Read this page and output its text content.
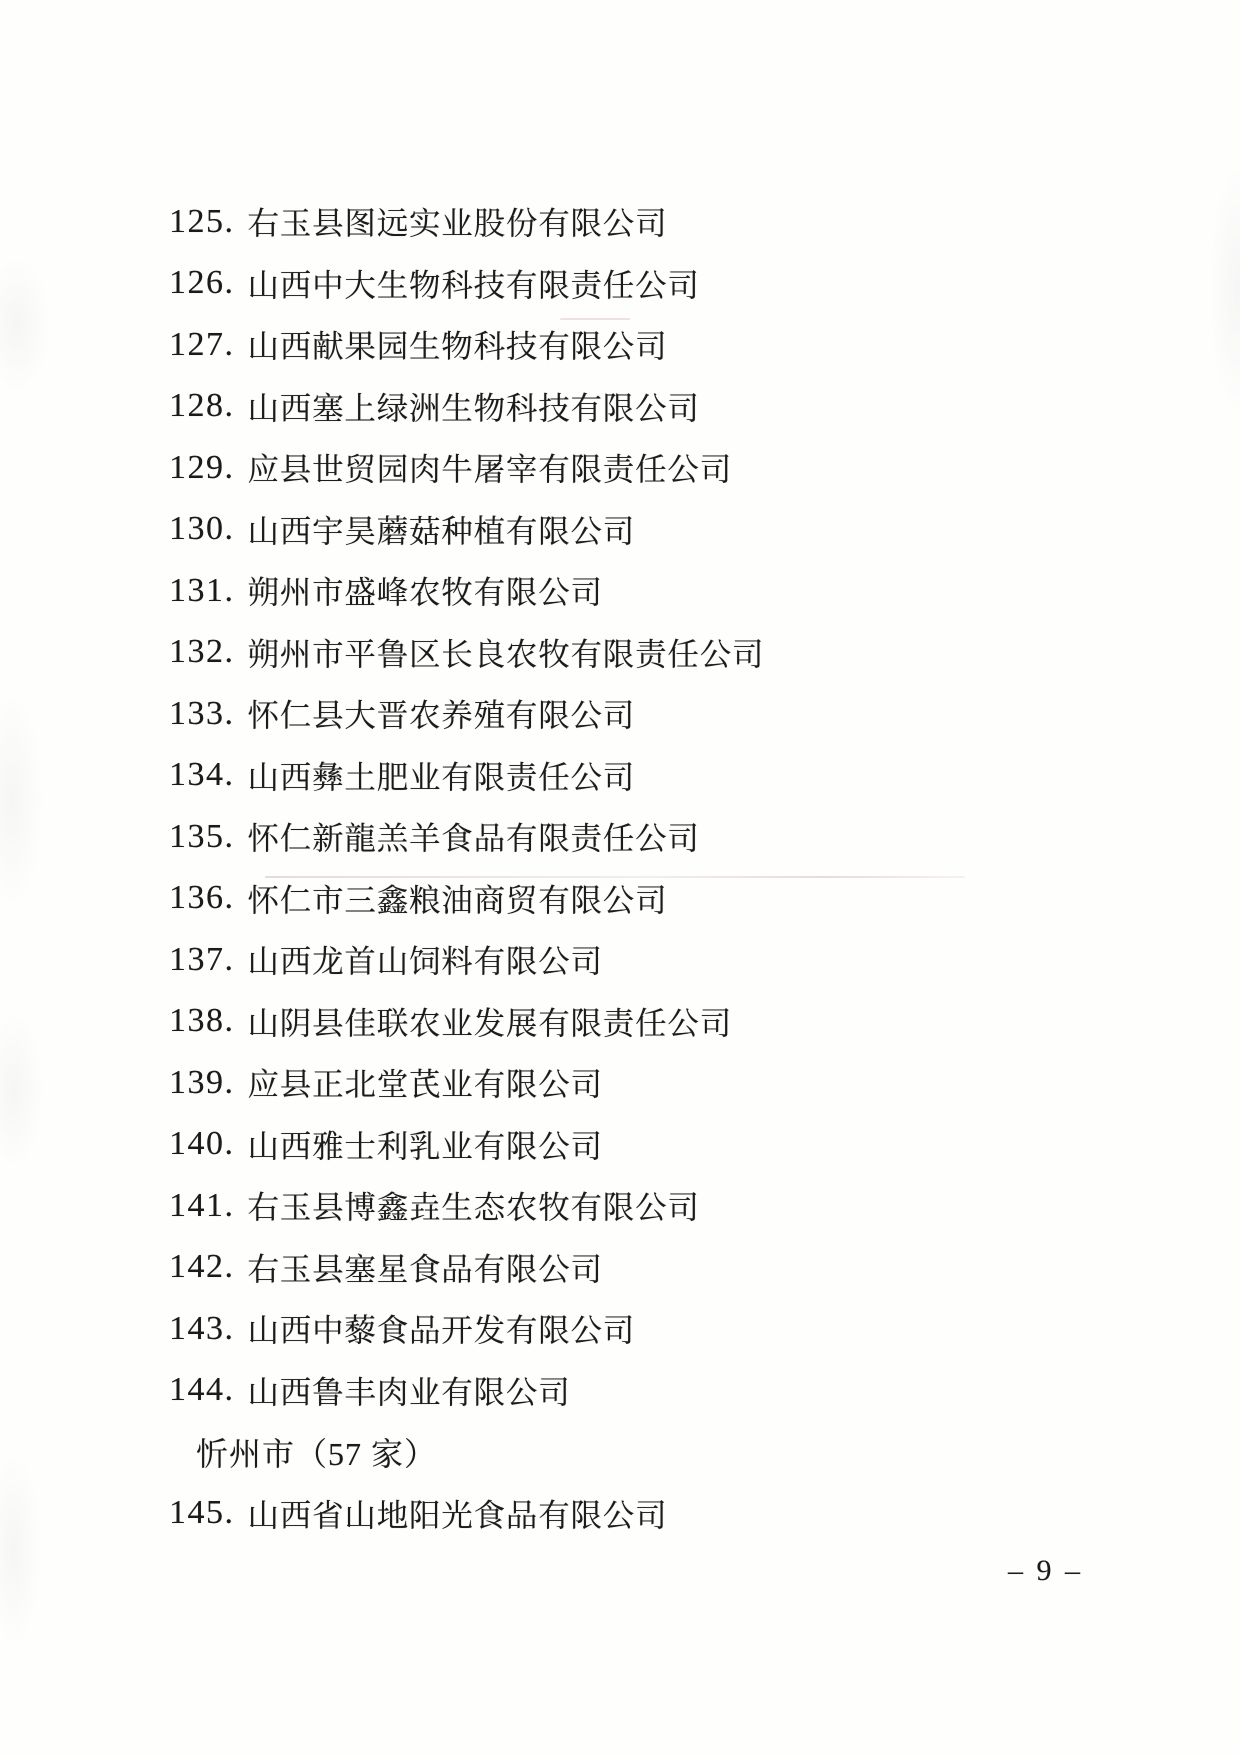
125. 右玉县图远实业股份有限公司
126. 山西中大生物科技有限责任公司
127. 山西献果园生物科技有限公司
128. 山西塞上绿洲生物科技有限公司
129. 应县世贸园肉牛屠宰有限责任公司
130. 山西宇昊蘑菇种植有限公司
131. 朔州市盛峰农牧有限公司
132. 朔州市平鲁区长良农牧有限责任公司
133. 怀仁县大晋农养殖有限公司
134. 山西彝土肥业有限责任公司
135. 怀仁新龍羔羊食品有限责任公司
136. 怀仁市三鑫粮油商贸有限公司
137. 山西龙首山饲料有限公司
138. 山阴县佳联农业发展有限责任公司
139. 应县正北堂芪业有限公司
140. 山西雅士利乳业有限公司
141. 右玉县博鑫垚生态农牧有限公司
142. 右玉县塞星食品有限公司
143. 山西中藜食品开发有限公司
144. 山西鲁丰肉业有限公司
忻州市（57 家）
145. 山西省山地阳光食品有限公司
– 9 –
